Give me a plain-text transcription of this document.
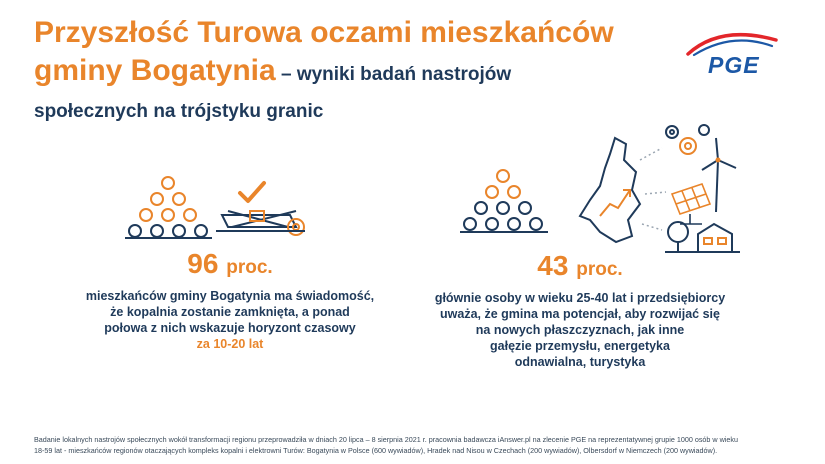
Przyszłość Turowa oczami mieszkańców
gminy Bogatynia – wyniki badań nastrojów
społecznych na trójstyku granic
PGE
96 proc.
mieszkańców gminy Bogatynia ma świadomość,
że kopalnia zostanie zamknięta, a ponad
połowa z nich wskazuje horyzont czasowy
za 10-20 lat
43 proc.
głównie osoby w wieku 25-40 lat i przedsiębiorcy
uważa, że gmina ma potencjał, aby rozwijać się
na nowych płaszczyznach, jak inne
gałęzie przemysłu, energetyka
odnawialna, turystyka
Badanie lokalnych nastrojów społecznych wokół transformacji regionu przeprowadziła w dniach 20 lipca – 8 sierpnia 2021 r. pracownia badawcza iAnswer.pl na zlecenie PGE na reprezentatywnej grupie 1000 osób w wieku
18-59 lat - mieszkańców regionów otaczających kompleks kopalni i elektrowni Turów: Bogatynia w Polsce (600 wywiadów), Hradek nad Nisou w Czechach (200 wywiadów), Olbersdorf w Niemczech (200 wywiadów).
